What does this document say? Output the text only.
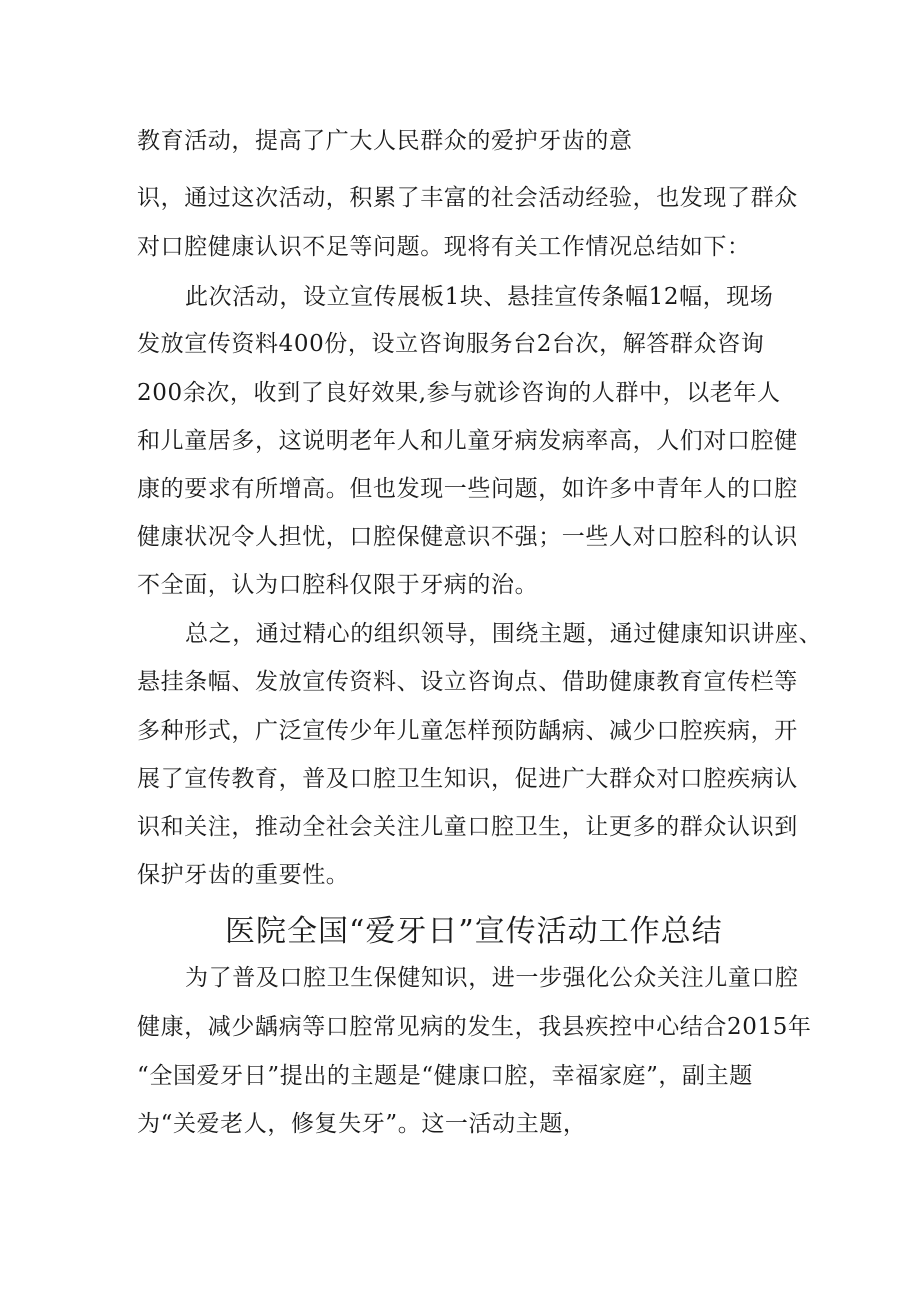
教育活动，提高了广大人民群众的爱护牙齿的意
识，通过这次活动，积累了丰富的社会活动经验，也发现了群众
对口腔健康认识不足等问题。现将有关工作情况总结如下：
此次活动，设立宣传展板1块、悬挂宣传条幅12幅，现场
发放宣传资料400份，设立咨询服务台2台次，解答群众咨询
200余次，收到了良好效果,参与就诊咨询的人群中，以老年人
和儿童居多，这说明老年人和儿童牙病发病率高，人们对口腔健
康的要求有所增高。但也发现一些问题，如许多中青年人的口腔
健康状况令人担忧，口腔保健意识不强；一些人对口腔科的认识
不全面，认为口腔科仅限于牙病的治。
总之，通过精心的组织领导，围绕主题，通过健康知识讲座、
悬挂条幅、发放宣传资料、设立咨询点、借助健康教育宣传栏等
多种形式，广泛宣传少年儿童怎样预防龋病、减少口腔疾病，开
展了宣传教育，普及口腔卫生知识，促进广大群众对口腔疾病认
识和关注，推动全社会关注儿童口腔卫生，让更多的群众认识到
保护牙齿的重要性。
医院全国“爱牙日”宣传活动工作总结
为了普及口腔卫生保健知识，进一步强化公众关注儿童口腔
健康，减少龋病等口腔常见病的发生，我县疾控中心结合2015年
“全国爱牙日”提出的主题是“健康口腔，幸福家庭”，副主题
为“关爱老人，修复失牙”。这一活动主题，
